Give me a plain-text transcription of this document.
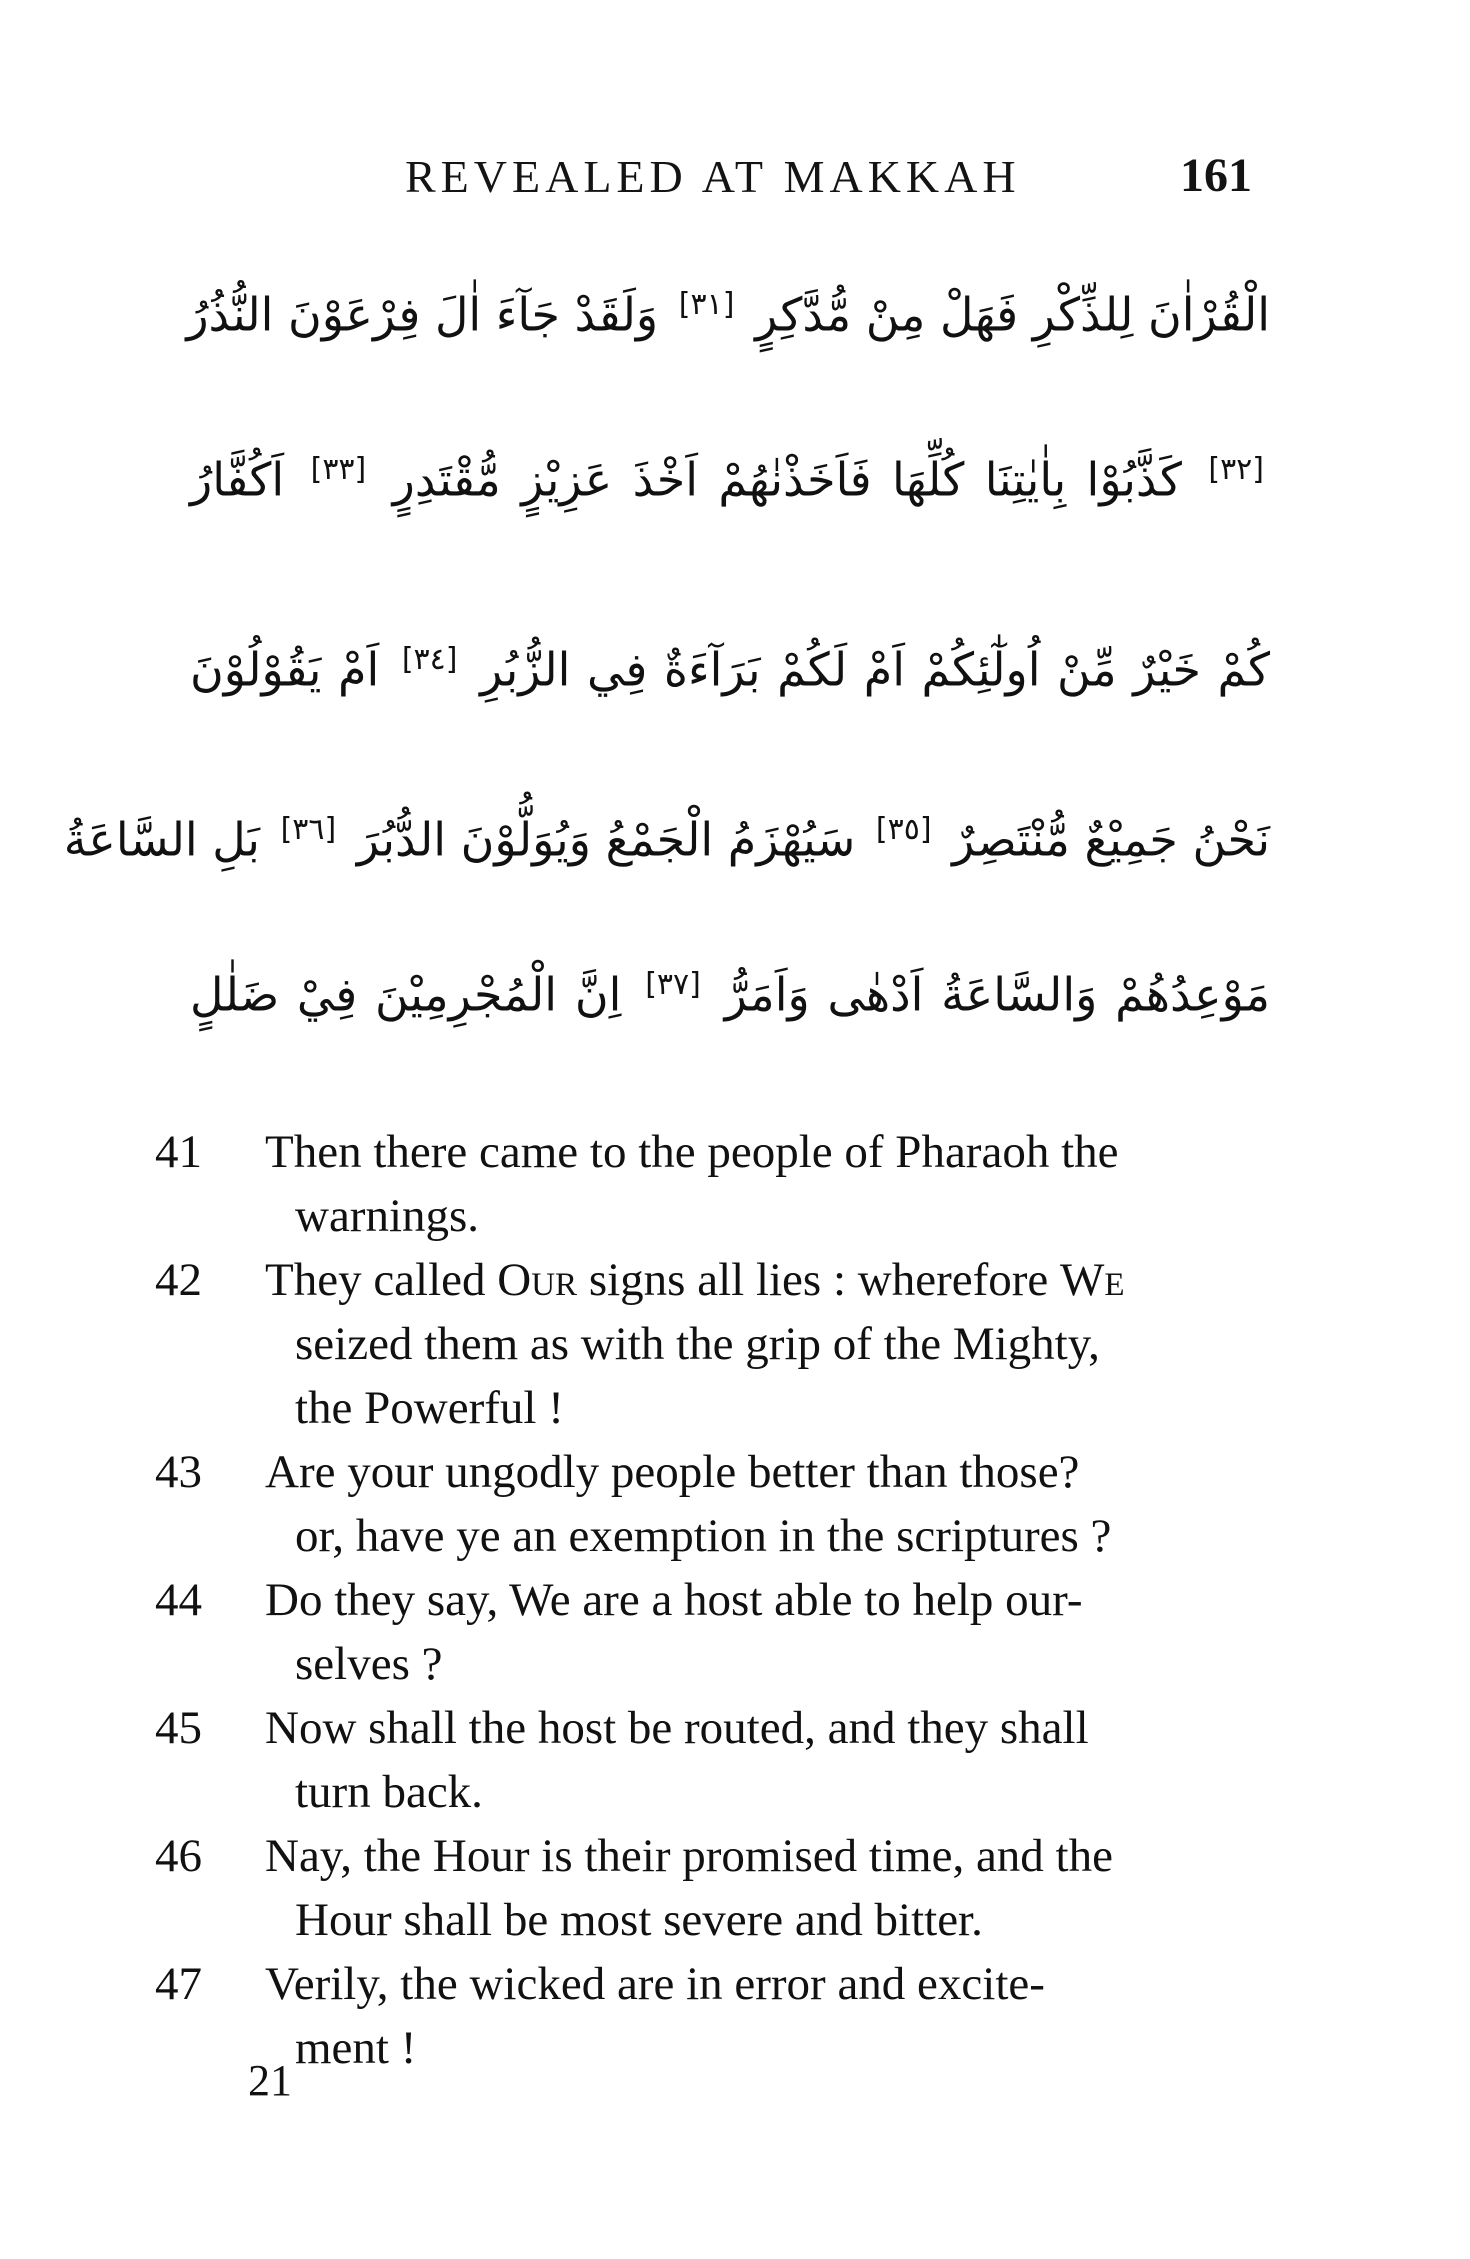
REVEALED AT MAKKAH	161
الْقُرْاٰنَ لِلذِّكْرِ فَهَلْ مِنْ مُّدَّكِرٍ [٣١] وَلَقَدْ جَآءَ اٰلَ فِرْعَوْنَ النُّذُرُ
[٣٢] كَذَّبُوْا بِاٰيٰتِنَا كُلِّهَا فَاَخَذْنٰهُمْ اَخْذَ عَزِيْزٍ مُّقْتَدِرٍ [٣٣] اَكُفَّارُ
كُمْ خَيْرٌ مِّنْ اُولٰٓئِكُمْ اَمْ لَكُمْ بَرَآءَةٌ فِي الزُّبُرِ [٣٤] اَمْ يَقُوْلُوْنَ
نَحْنُ جَمِيْعٌ مُّنْتَصِرٌ [٣٥] سَيُهْزَمُ الْجَمْعُ وَيُوَلُّوْنَ الدُّبُرَ [٣٦] بَلِ السَّاعَةُ
مَوْعِدُهُمْ وَالسَّاعَةُ اَدْهٰى وَاَمَرُّ [٣٧] اِنَّ الْمُجْرِمِيْنَ فِيْ ضَلٰلٍ
41	Then there came to the people of Pharaoh the
warnings.
42	They called Our signs all lies : wherefore We
seized them as with the grip of the Mighty,
the Powerful !
43	Are your ungodly people better than those?
or, have ye an exemption in the scriptures ?
44	Do they say, We are a host able to help our-
selves ?
45	Now shall the host be routed, and they shall
turn back.
46	Nay, the Hour is their promised time, and the
Hour shall be most severe and bitter.
47	Verily, the wicked are in error and excite-
ment !
21
